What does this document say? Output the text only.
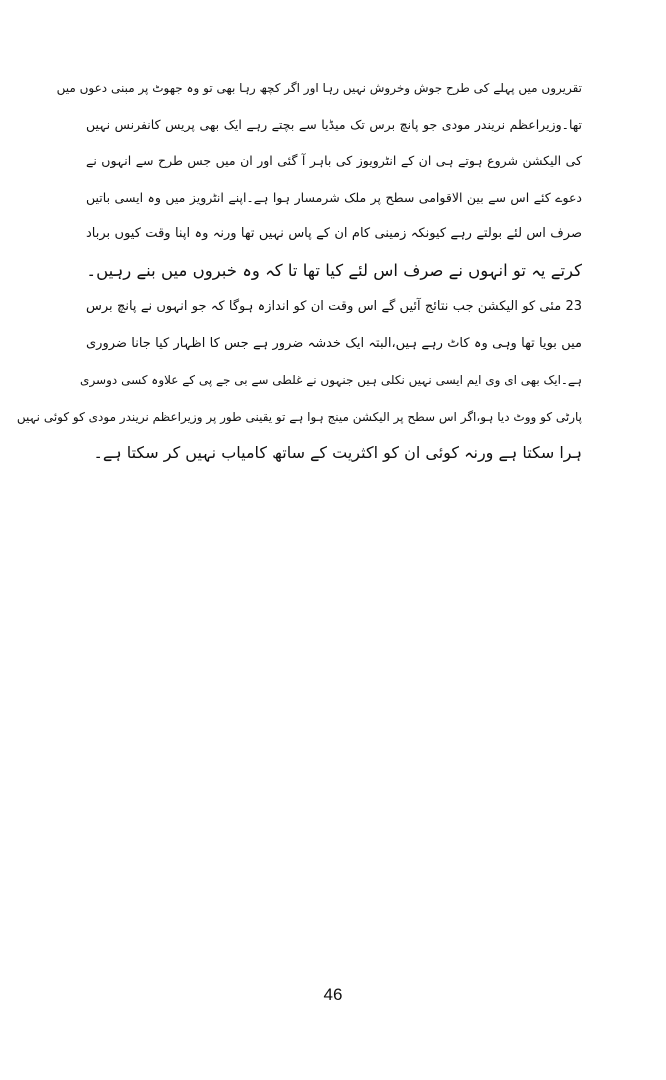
تقریروں میں پہلے کی طرح جوش وخروش نہیں رہا اور اگر کچھ رہا بھی تو وہ جھوٹ پر مبنی دعوں میں
تھا۔وزیراعظم نریندر مودی جو پانچ برس تک میڈیا سے بچتے رہے ایک بھی پریس کانفرنس نہیں
کی الیکشن شروع ہوتے ہی ان کے انٹرویوز کی باہر آ گئی اور ان میں جس طرح سے انہوں نے
دعوے کئے اس سے بین الاقوامی سطح پر ملک شرمسار ہوا ہے۔اپنے انٹرویز میں وہ ایسی باتیں
صرف اس لئے بولتے رہے کیونکہ زمینی کام ان کے پاس نہیں تھا ورنہ وہ اپنا وقت کیوں برباد
کرتے یہ تو انہوں نے صرف اس لئے کیا تھا تا کہ وہ خبروں میں بنے رہیں۔

23 مئی کو الیکشن جب نتائج آئیں گے اس وقت ان کو اندازہ ہوگا کہ جو انہوں نے پانچ برس
میں بویا تھا وہی وہ کاٹ رہے ہیں،البتہ ایک خدشہ ضرور ہے جس کا اظہار کیا جانا ضروری
ہے۔ایک بھی ای وی ایم ایسی نہیں نکلی ہیں جنہوں نے غلطی سے بی جے پی کے علاوہ کسی دوسری
پارٹی کو ووٹ دیا ہو،اگر اس سطح پر الیکشن مینج ہوا ہے تو یقینی طور پر وزیراعظم نریندر مودی کو کوئی نہیں
ہرا سکتا ہے ورنہ کوئی ان کو اکثریت کے ساتھ کامیاب نہیں کر سکتا ہے۔

46
